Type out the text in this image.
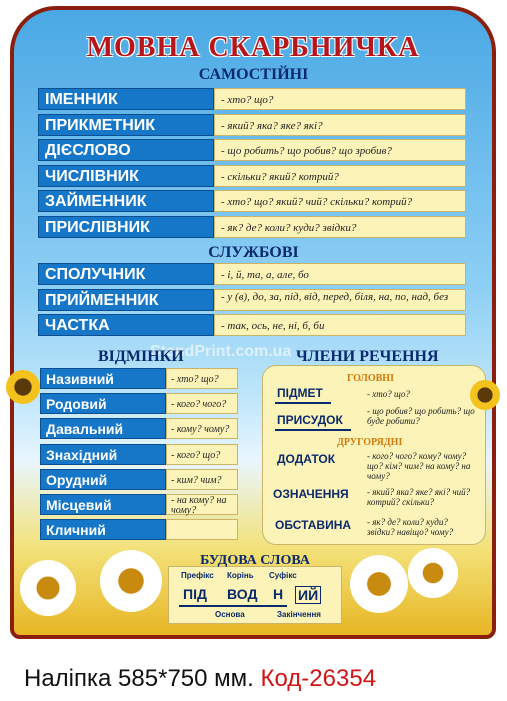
МОВНА СКАРБНИЧКА
САМОСТІЙНІ
ІМЕННИК	- хто? що?
ПРИКМЕТНИК	- який? яка? яке? які?
ДІЄСЛОВО	- що робить? що робив? що зробив?
ЧИСЛІВНИК	- скільки? який? котрий?
ЗАЙМЕННИК	- хто? що? який? чий? скільки? котрий?
ПРИСЛІВНИК	- як? де? коли? куди? звідки?
СЛУЖБОВІ
СПОЛУЧНИК	- і, й, та, а, але, бо
ПРИЙМЕННИК	- у (в), до, за, під, від, перед, біля, на, по, над, без
ЧАСТКА	- так, ось, не, ні, б, би
StendPrint.com.ua
ВІДМІНКИ	ЧЛЕНИ РЕЧЕННЯ
Називний	- хто? що?
Родовий	- кого? чого?
Давальний	- кому? чому?
Знахідний	- кого? що?
Орудний	- ким? чим?
Місцевий	- на кому? на чому?
Кличний
ГОЛОВНІ
ПІДМЕТ	- хто? що?
ПРИСУДОК
- що робив? що робить? що буде робити?
ДРУГОРЯДНІ
ДОДАТОК	- кого? чого? кому? чому? що? кім? чим? на кому? на чому?
ОЗНАЧЕННЯ - який? яка? яке? які? чий? котрий? скільки?
ОБСТАВИНА - як? де? коли? куди? звідки? навіщо? чому?
БУДОВА СЛОВА
Префікс Корінь Суфікс
ПІД ВОД Н ИЙ
Основа	Закінчення
Наліпка 585*750 мм. Код-26354
